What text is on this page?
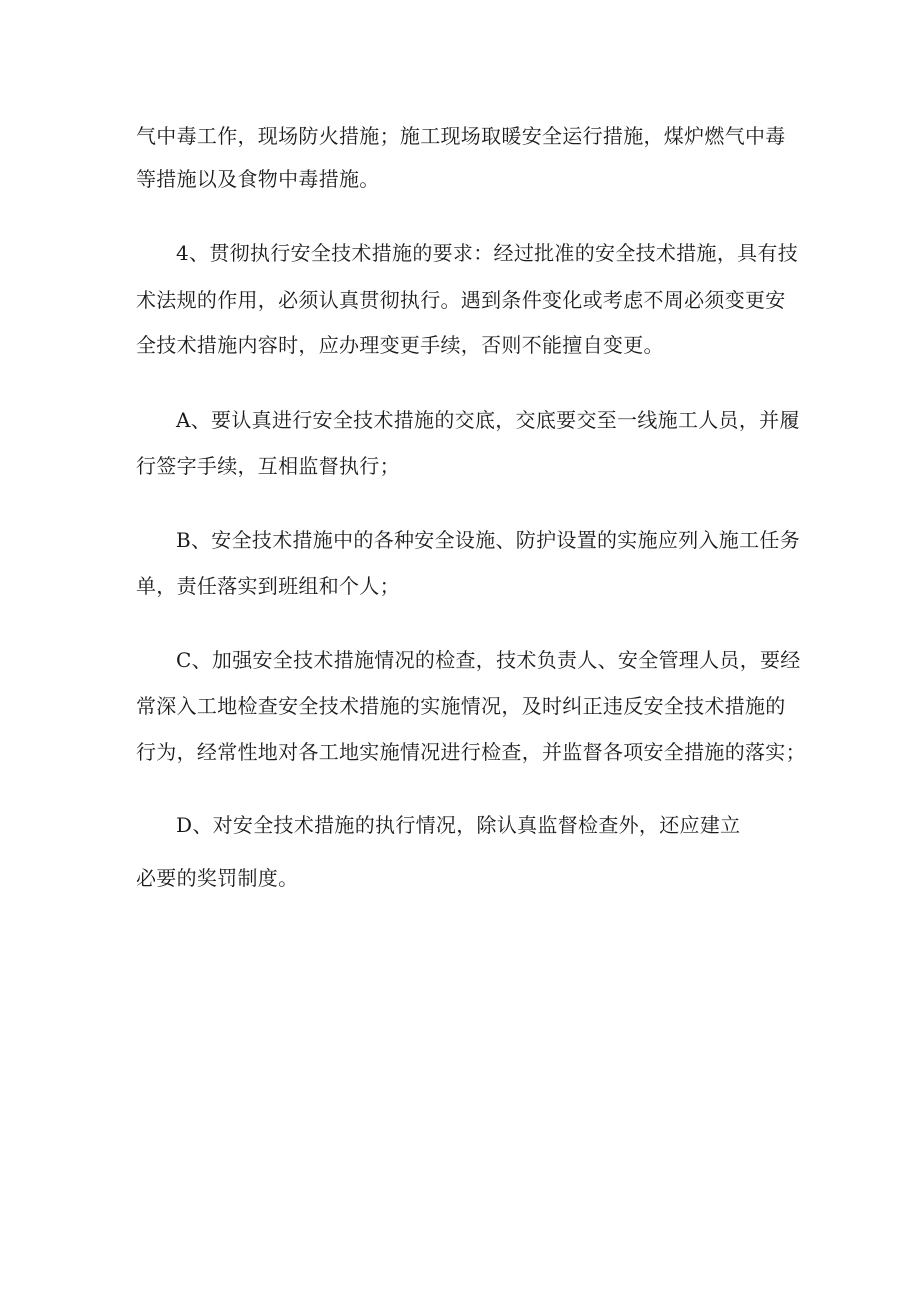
气中毒工作，现场防火措施；施工现场取暖安全运行措施，煤炉燃气中毒
等措施以及食物中毒措施。
4、贯彻执行安全技术措施的要求：经过批准的安全技术措施，具有技
术法规的作用，必须认真贯彻执行。遇到条件变化或考虑不周必须变更安
全技术措施内容时，应办理变更手续，否则不能擅自变更。
A、要认真进行安全技术措施的交底，交底要交至一线施工人员，并履
行签字手续，互相监督执行；
B、安全技术措施中的各种安全设施、防护设置的实施应列入施工任务
单，责任落实到班组和个人；
C、加强安全技术措施情况的检查，技术负责人、安全管理人员，要经
常深入工地检查安全技术措施的实施情况，及时纠正违反安全技术措施的
行为，经常性地对各工地实施情况进行检查，并监督各项安全措施的落实；
D、对安全技术措施的执行情况，除认真监督检查外，还应建立
必要的奖罚制度。
